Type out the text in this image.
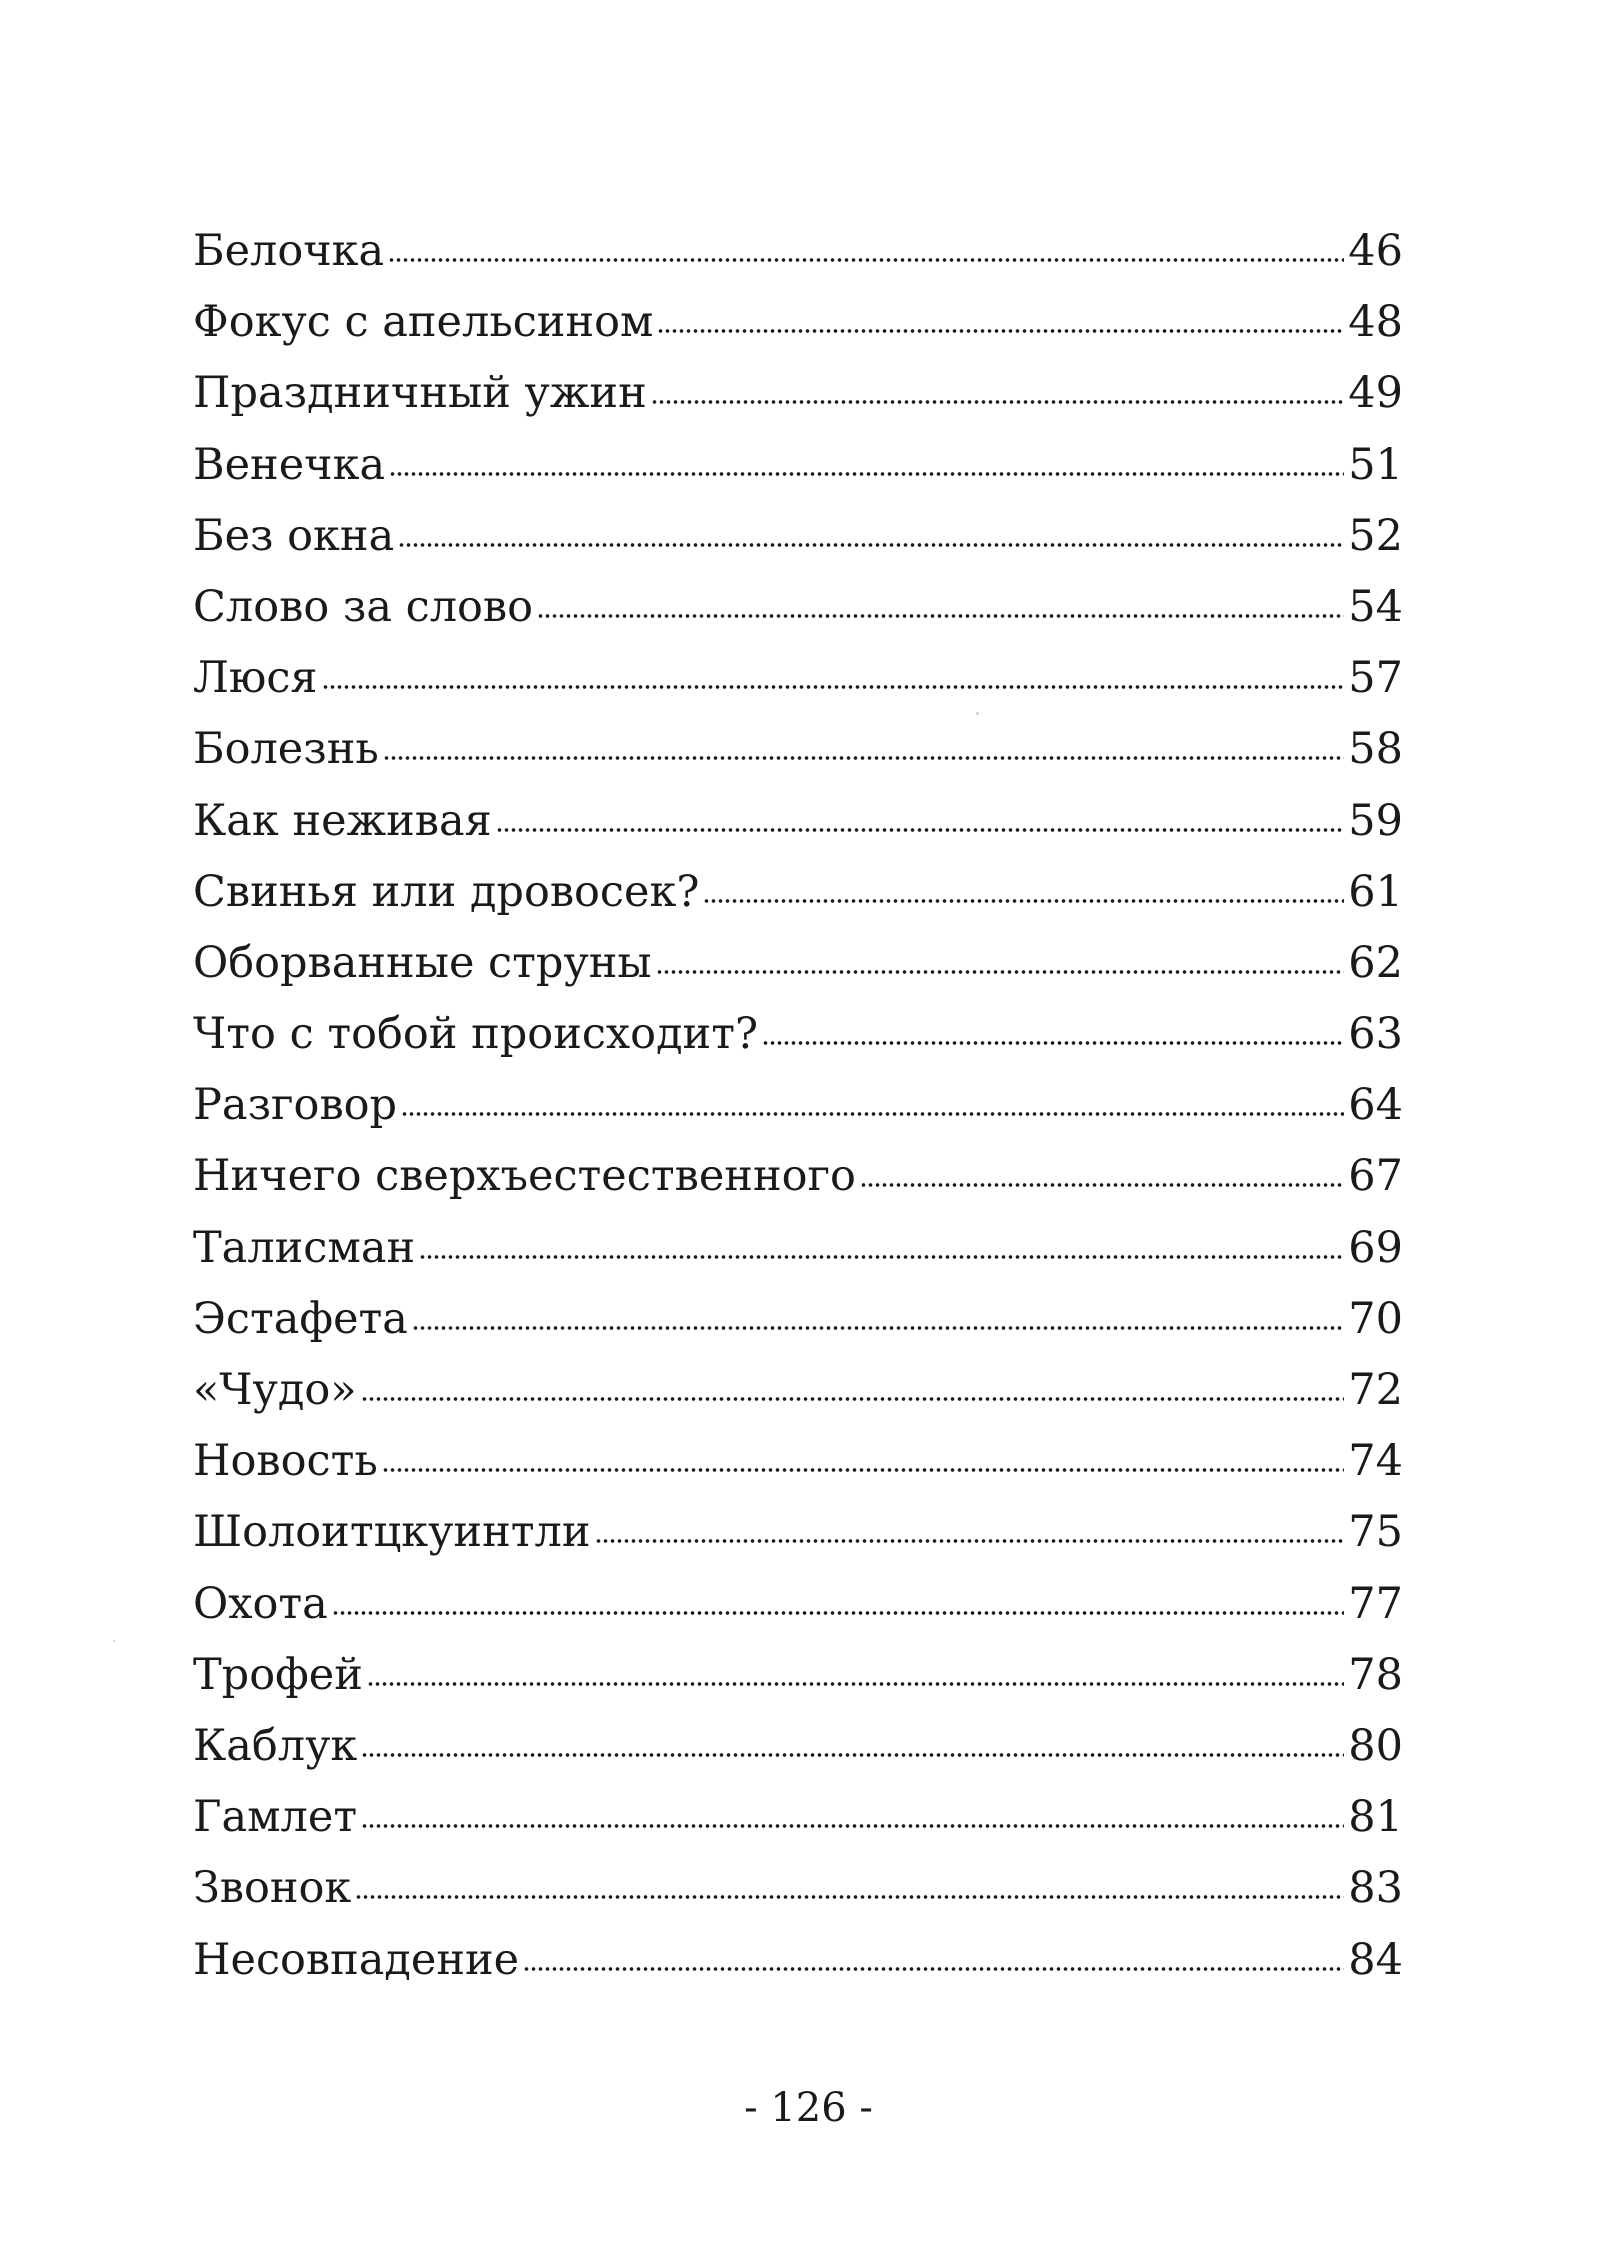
Белочка	46
Фокус с апельсином	48
Праздничный ужин	49
Венечка	51
Без окна	52
Слово за слово	54
Люся	57
Болезнь	58
Как неживая	59
Свинья или дровосек?	61
Оборванные струны	62
Что с тобой происходит?	63
Разговор	64
Ничего сверхъестественного	67
Талисман	69
Эстафета	70
«Чудо»	72
Новость	74
Шолоитцкуинтли	75
Охота	77
Трофей	78
Каблук	80
Гамлет	81
Звонок	83
Несовпадение	84
- 126 -
